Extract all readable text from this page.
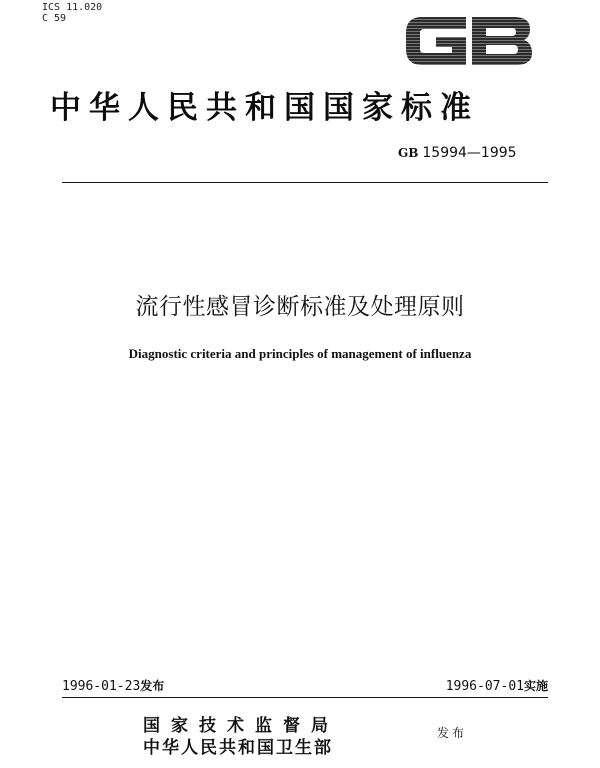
ICS 11.020
C 59
中华人民共和国国家标准
GB 15994—1995
流行性感冒诊断标准及处理原则
Diagnostic criteria and principles of management of influenza
1996-01-23发布	1996-07-01实施
国家技术监督局
中华人民共和国卫生部
发布
